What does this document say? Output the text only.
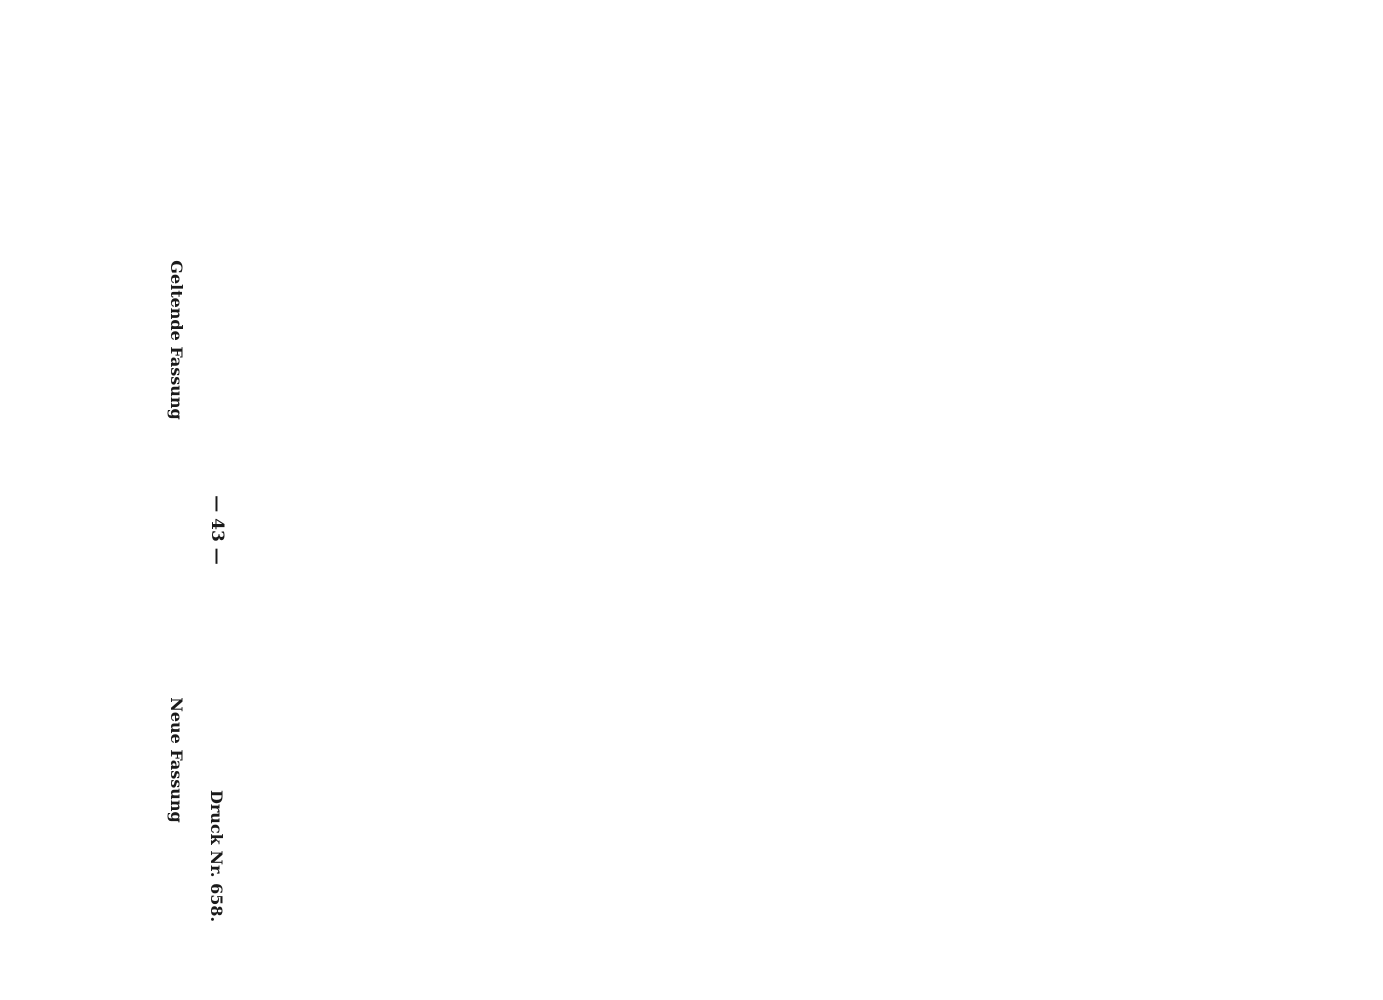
— 43 —
Druck Nr. 658.
Geltende Fassung
Neue Fassung
